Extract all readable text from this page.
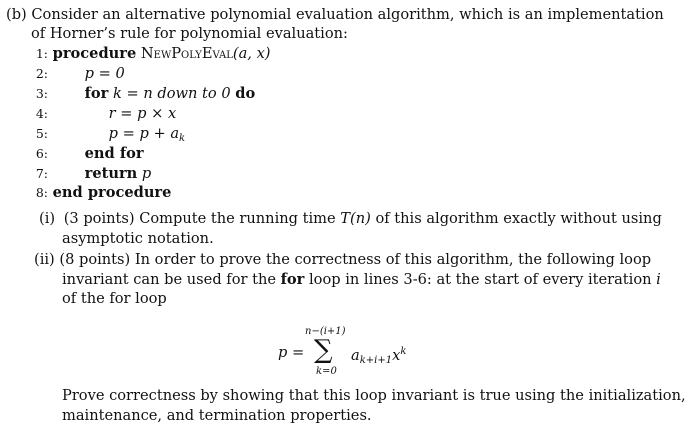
(b) Consider an alternative polynomial evaluation algorithm, which is an implementation
of Horner’s rule for polynomial evaluation:
1: procedure NewPolyEval(a, x)
2:	p = 0
3:	for k = n down to 0 do
4:	r = p × x
5:	$p = p + a_k$
6:	end for
7:	return p
8: end procedure
(i) (3 points) Compute the running time T(n) of this algorithm exactly without using
asymptotic notation.
(ii) (8 points) In order to prove the correctness of this algorithm, the following loop
invariant can be used for the for loop in lines 3-6: at the start of every iteration i
of the for loop
n−(i+1)
p = ∑
k=0
$a_{k+i+1}x^k$
Prove correctness by showing that this loop invariant is true using the initialization,
maintenance, and termination properties.
